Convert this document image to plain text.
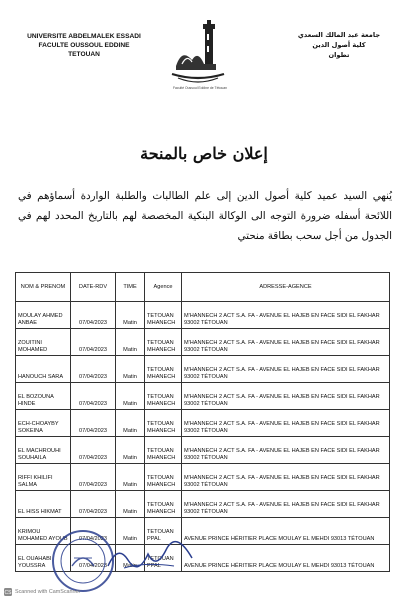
UNIVERSITE ABDELMALEK ESSADI
FACULTE OUSSOUL EDDINE
TETOUAN
جامعة عبد المالك السعدي
كلية أصول الدين
تطوان
Faculté Oussoul Eddine de Tétouan
إعلان خاص بالمنحة
يُنهي السيد عميد كلية أصول الدين إلى علم الطالبات والطلبة الواردة أسماؤهم في اللائحة أسفله ضرورة التوجه الى الوكالة البنكية المخصصة لهم بالتاريخ المحدد لهم في الجدول من أجل سحب بطاقة منحتي
NOM & PRENOM	DATE-RDV	TIME	Agence	ADRESSE-AGENCE
MOULAY AHMED ANBAE	07/04/2023	Matin	TETOUAN MHANECH	M'HANNECH 2 ACT S.A. FA - AVENUE EL HAJEB EN FACE SIDI EL FAKHAR 93002 TÉTOUAN
ZOUITINI MOHAMED	07/04/2023	Matin	TETOUAN MHANECH	M'HANNECH 2 ACT S.A. FA - AVENUE EL HAJEB EN FACE SIDI EL FAKHAR 93002 TÉTOUAN
HANOUCH SARA	07/04/2023	Matin	TETOUAN MHANECH	M'HANNECH 2 ACT S.A. FA - AVENUE EL HAJEB EN FACE SIDI EL FAKHAR 93002 TÉTOUAN
EL BOZOUNA HINDE	07/04/2023	Matin	TETOUAN MHANECH	M'HANNECH 2 ACT S.A. FA - AVENUE EL HAJEB EN FACE SIDI EL FAKHAR 93002 TÉTOUAN
ECH-CHOAYBY SOKEINA	07/04/2023	Matin	TETOUAN MHANECH	M'HANNECH 2 ACT S.A. FA - AVENUE EL HAJEB EN FACE SIDI EL FAKHAR 93002 TÉTOUAN
EL MACHROUHI SOUHAILA	07/04/2023	Matin	TETOUAN MHANECH	M'HANNECH 2 ACT S.A. FA - AVENUE EL HAJEB EN FACE SIDI EL FAKHAR 93002 TÉTOUAN
RIFFI KHILIFI SALMA	07/04/2023	Matin	TETOUAN MHANECH	M'HANNECH 2 ACT S.A. FA - AVENUE EL HAJEB EN FACE SIDI EL FAKHAR 93002 TÉTOUAN
EL HISS HIKMAT	07/04/2023	Matin	TETOUAN MHANECH	M'HANNECH 2 ACT S.A. FA - AVENUE EL HAJEB EN FACE SIDI EL FAKHAR 93002 TÉTOUAN
KRIMOU MOHAMED AYOUB	07/04/2023	Matin	TETOUAN PPAL	AVENUE PRINCE HÉRITIER PLACE MOULAY EL MEHDI 93013 TÉTOUAN
EL OUAHABI YOUSSRA	07/04/2023	Matin	TETOUAN PPAL	AVENUE PRINCE HÉRITIER PLACE MOULAY EL MEHDI 93013 TÉTOUAN
CS Scanned with CamScanner
